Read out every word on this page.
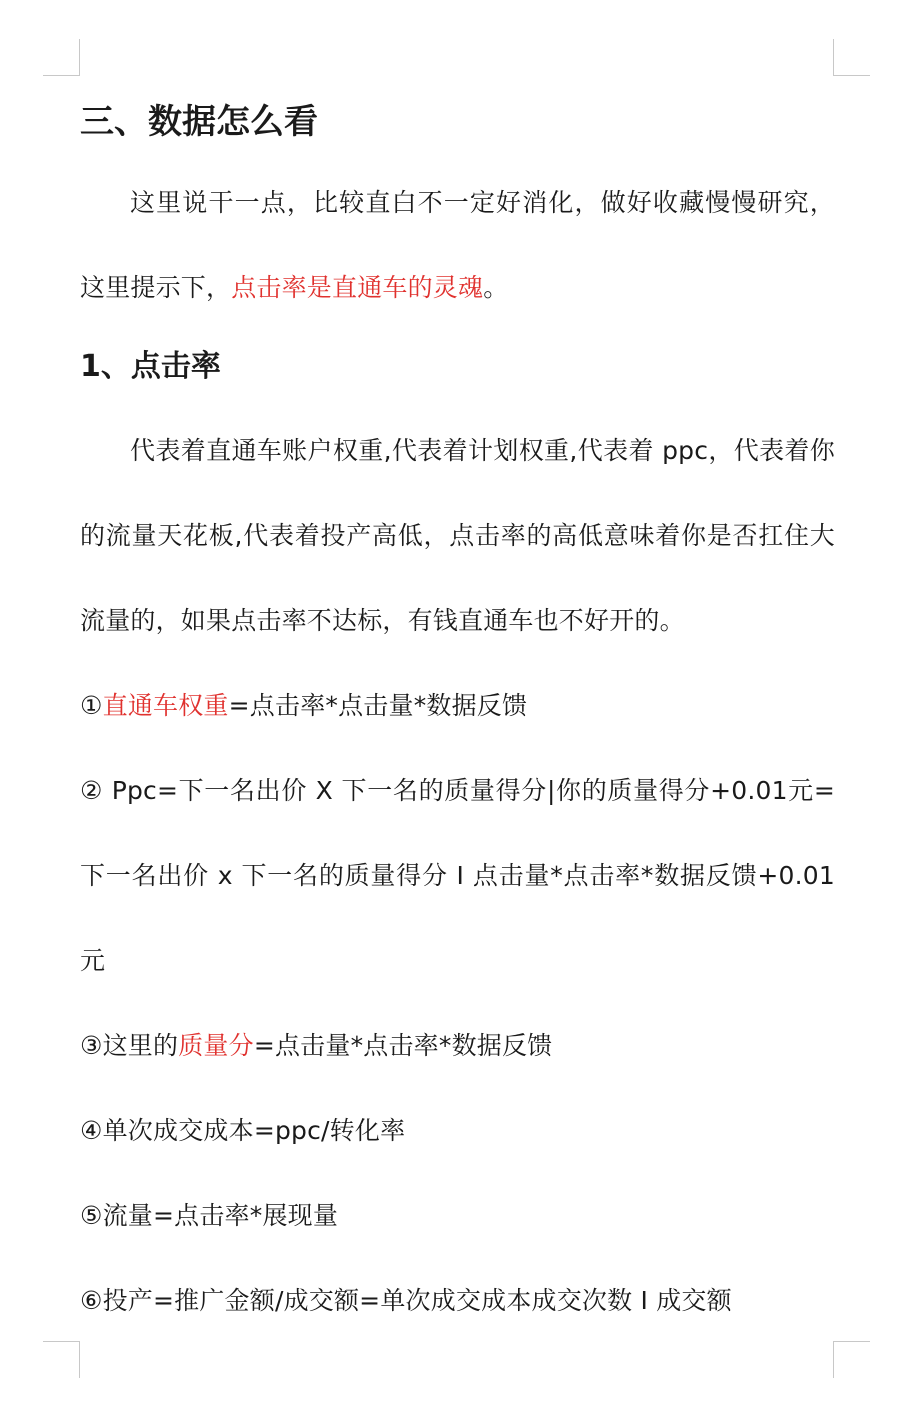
三、数据怎么看
这里说干一点，比较直白不一定好消化，做好收藏慢慢研究，这里提示下，点击率是直通车的灵魂。
1、点击率
代表着直通车账户权重,代表着计划权重,代表着 ppc，代表着你的流量天花板,代表着投产高低，点击率的高低意味着你是否扛住大流量的，如果点击率不达标，有钱直通车也不好开的。
①直通车权重=点击率*点击量*数据反馈
② Ppc=下一名出价 X 下一名的质量得分|你的质量得分+0.01元=下一名出价 x 下一名的质量得分 I 点击量*点击率*数据反馈+0.01 元
③这里的质量分=点击量*点击率*数据反馈
④单次成交成本=ppc/转化率
⑤流量=点击率*展现量
⑥投产=推广金额/成交额=单次成交成本成交次数 I 成交额
